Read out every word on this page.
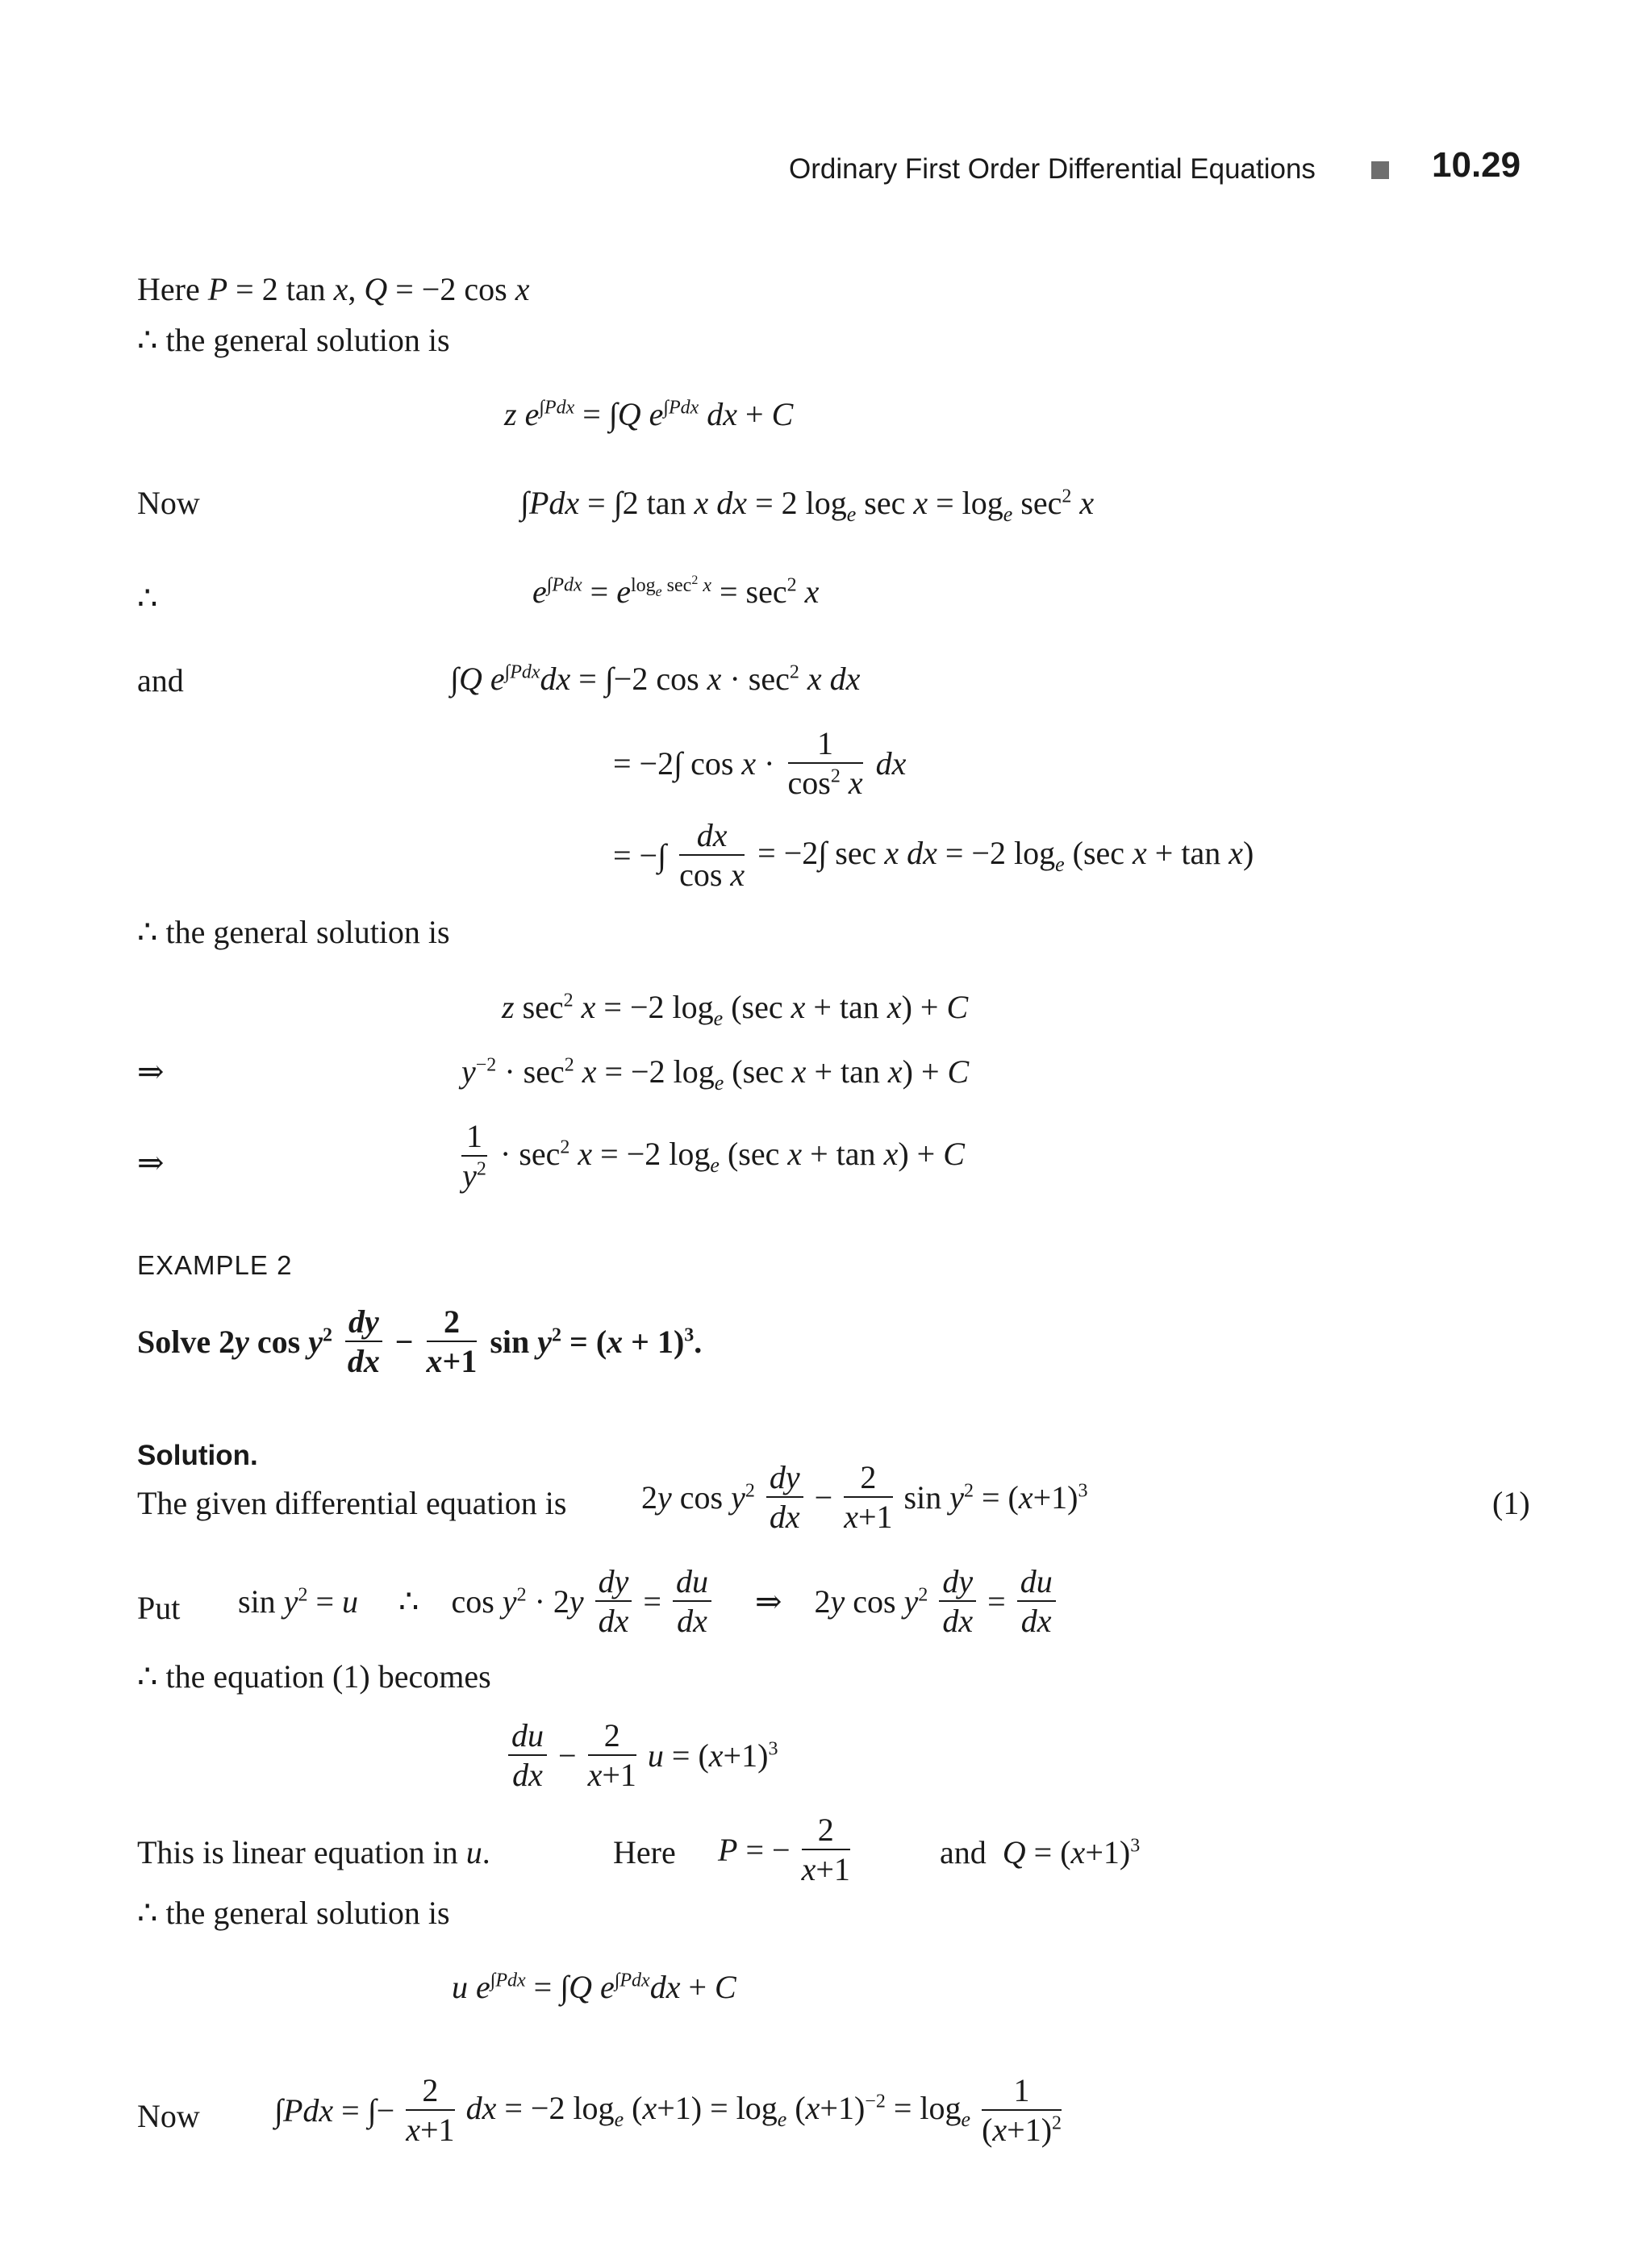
Ordinary First Order Differential Equations	10.29
Here P = 2 tan x, Q = −2 cos x
∴ the general solution is
z $e^{\int Pdx} = \int Q$ $e^{\int Pdx}$ dx + C
Now	∫Pdx = ∫2 tan x dx = 2 $\log_e \sec x = \log_e \sec^2 x$
∴	$e^{\int Pdx} = e^{log_e sec^2 x} = \sec^2 x$
and	∫Q $e^{\int Pdx}dx = \int-2$ $\cos x \cdot \sec^2 x$ dx
= −2∫ $\cos x \cdot \frac{1}{\cos^2 x}$ dx
= −∫ $\frac{dx}{\text{cos x}} = -2\int$ sec x dx = −2 $\log_e (\sec$ x + tan x)
∴ the general solution is
z $\sec^2 x = -2$ $\log_e (\sec$ x + tan x) + C
⇒	$y^{-2} \cdot \sec^2 x = -2$ $\log_e (\sec$ x + tan x) + C
⇒	$\frac{1}{y^2} \cdot \sec^2 x = -2$ $\log_e (\sec$ x + tan x) + C
EXAMPLE 2
Solve 2y $\cos y^2 \frac{dy}{dx} - \frac{2}{x+1}$ $\sin y^2 = (x + 1)^3$.
Solution.
The given differential equation is 2y $\cos y^2 \frac{dy}{dx} - \frac{2}{x+1}$ $\sin y^2 = (x+1)^3$	(1)
Put $\sin y^2 = u$     ∴    $\cos y^2 \cdot 2y \frac{dy}{dx} = \frac{du}{dx}$ ⇒    2y $\cos y^2 \frac{dy}{dx} = \frac{du}{dx}$
∴ the equation (1) becomes
$\frac{du}{dx} - \frac{2}{x+1}$ $u = (x+1)^3$
This is linear equation in u.	Here P = − $\frac{2}{x+1}$	and  $Q = (x+1)^3$
∴ the general solution is
u $e^{\int Pdx} = \int Q$ $e^{\int Pdx}dx + C$
Now ∫Pdx = ∫− $\frac{2}{x+1}$ dx = −2 $\log_e (x+1) = \log_e (x+1)^{-2} = \log_e \frac{1}{(x+1)^2}$
